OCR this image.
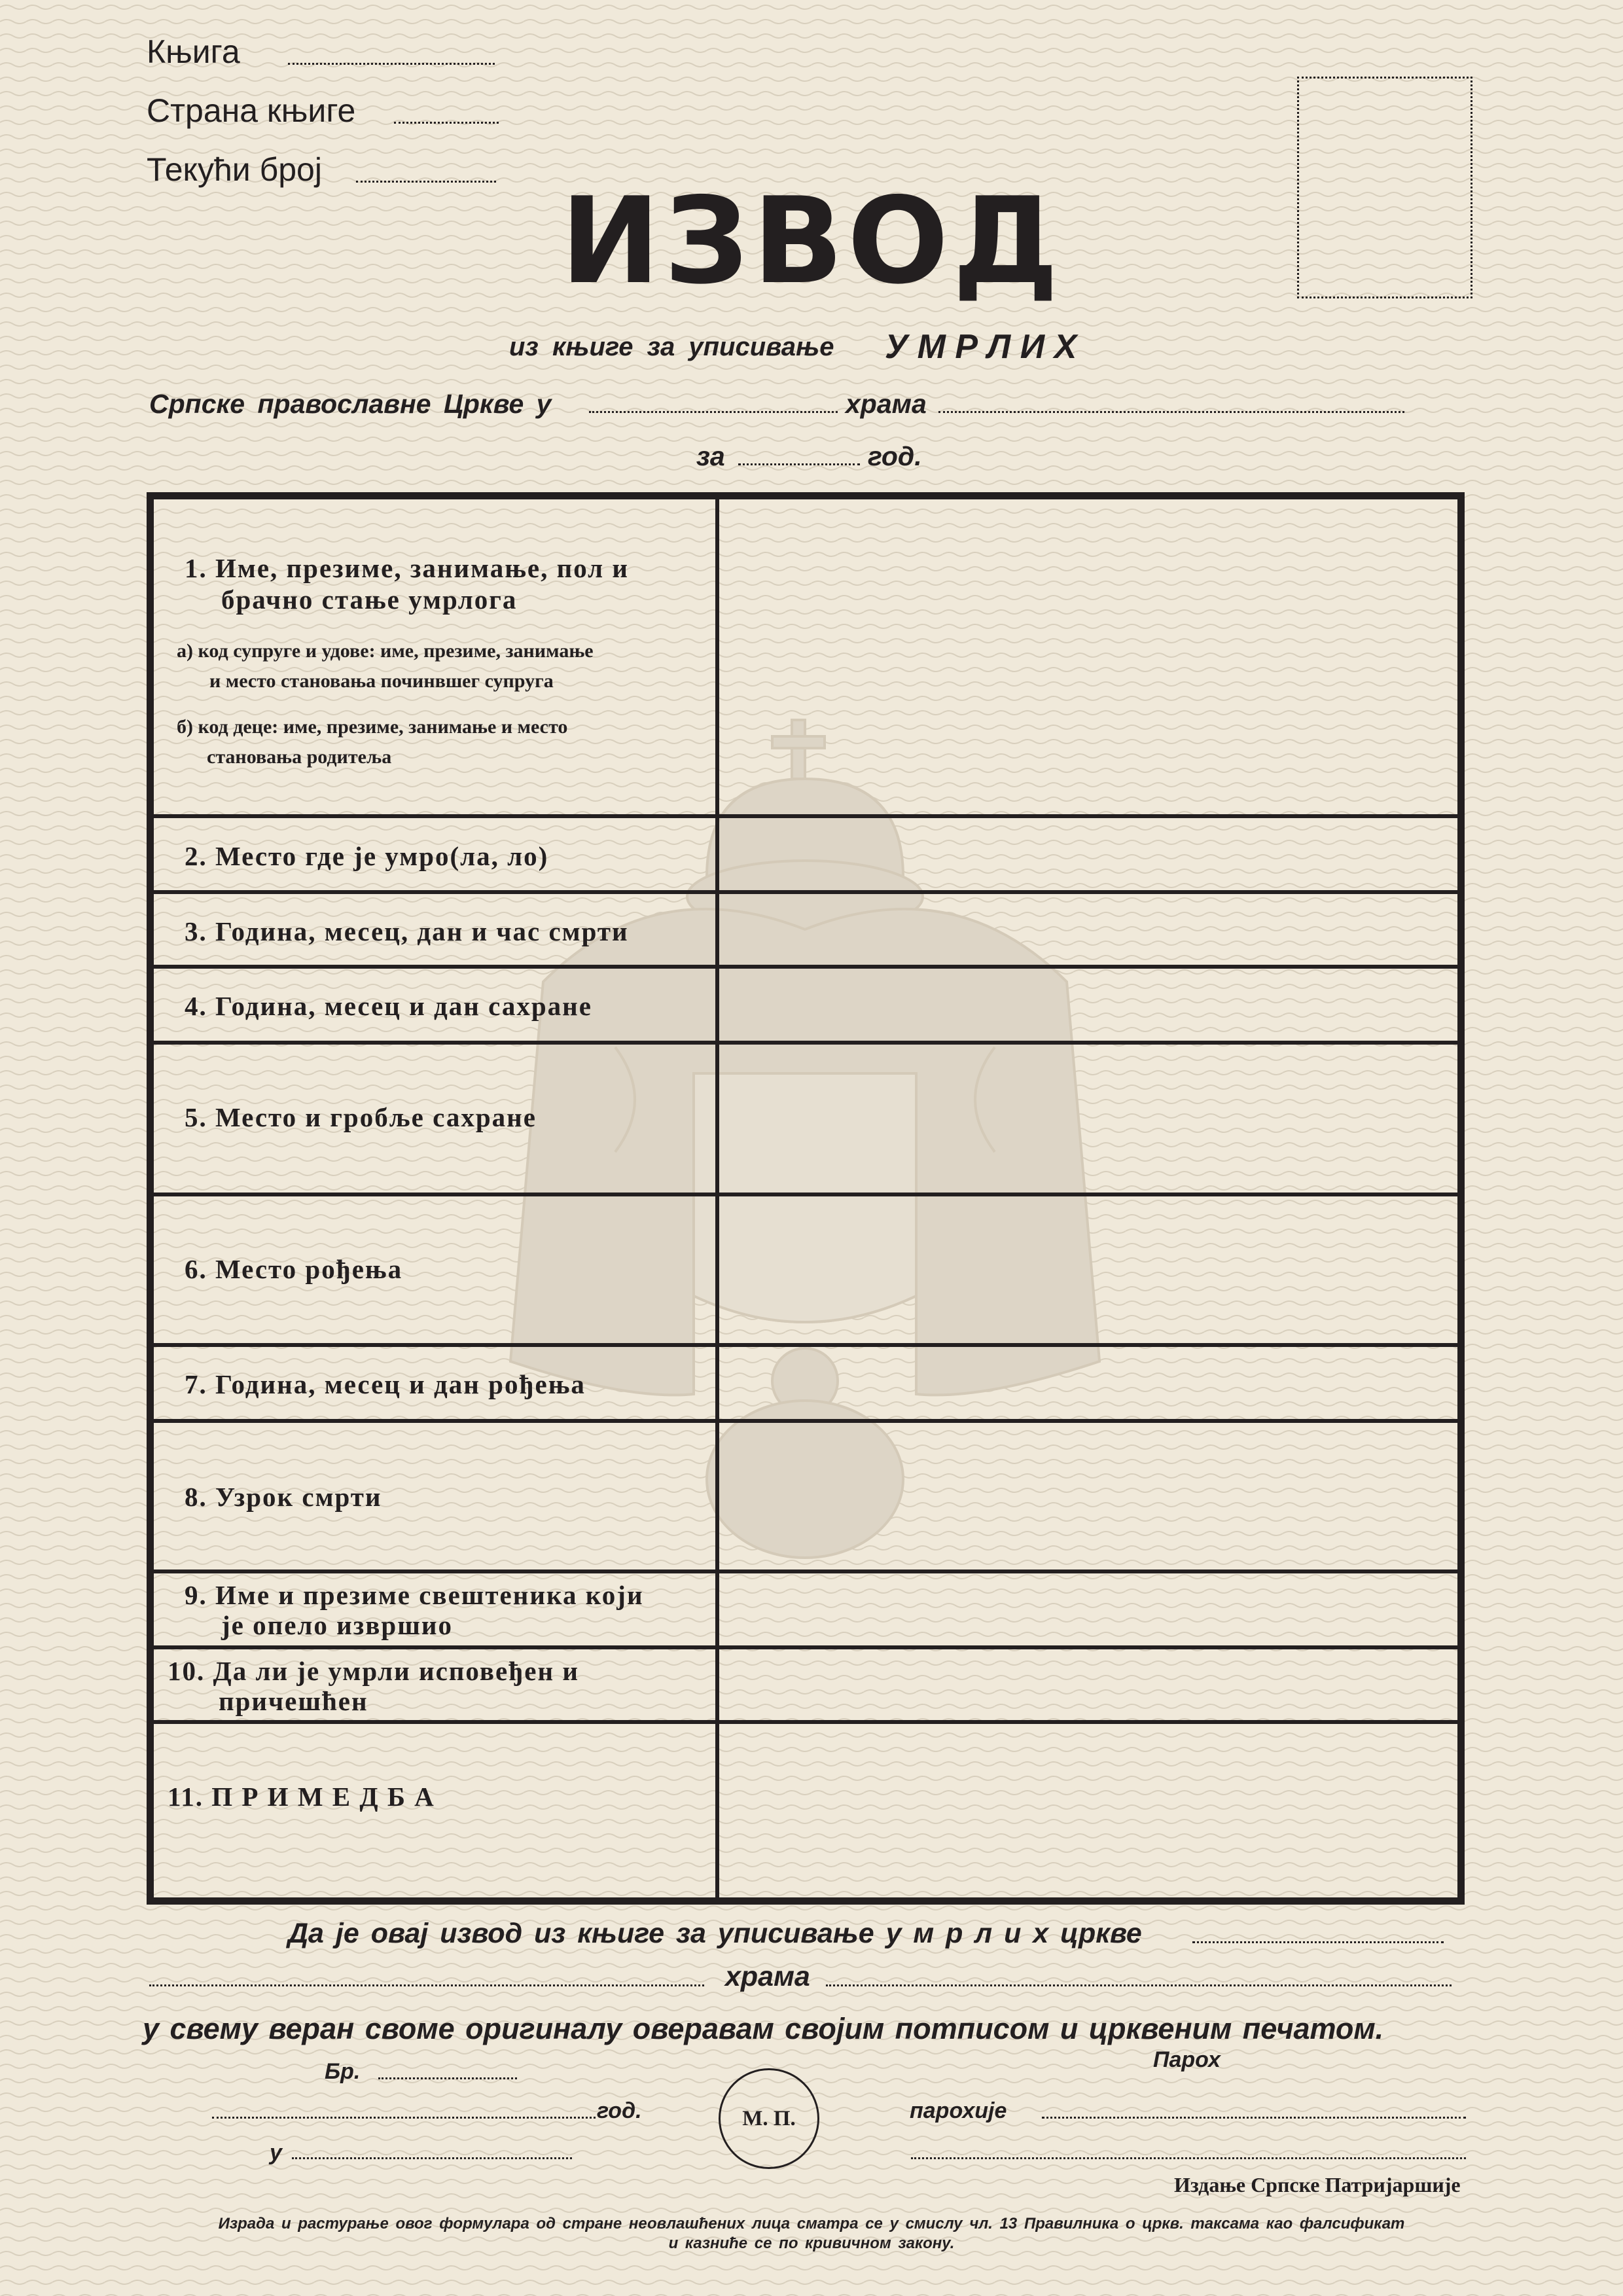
Књига
Страна књиге
Текући број
ИЗВОД
из књиге за уписивање У М Р Л И Х
Српске православне Цркве у	храма
за	год.
1. Име, презиме, занимање, пол и
брачно стање умрлога
а) код супруге и удове: име, презиме, занимање
и место становања починвшег супруга
б) код деце: име, презиме, занимање и место
становања родитеља
2. Место где је умро(ла, ло)
3. Година, месец, дан и час смрти
4. Година, месец и дан сахране
5. Место и гробље сахране
6. Место рођења
7. Година, месец и дан рођења
8. Узрок смрти
9. Име и презиме свештеника који
је опело извршио
10. Да ли је умрли исповеђен и
причешћен
11. П Р И М Е Д Б А
Да је овај извод из књиге за уписивање у м р л и х цркве
храма
у свему веран своме оригиналу оверавам својим потписом и црквеним печатом.
Бр.
год.
у
М. П.
Парох
парохије
Издање Српске Патријаршије
Израда и растурање овог формулара од стране неовлашћених лица сматра се у смислу чл. 13 Правилника о цркв. таксама као фалсификат
и казниће се по кривичном закону.
